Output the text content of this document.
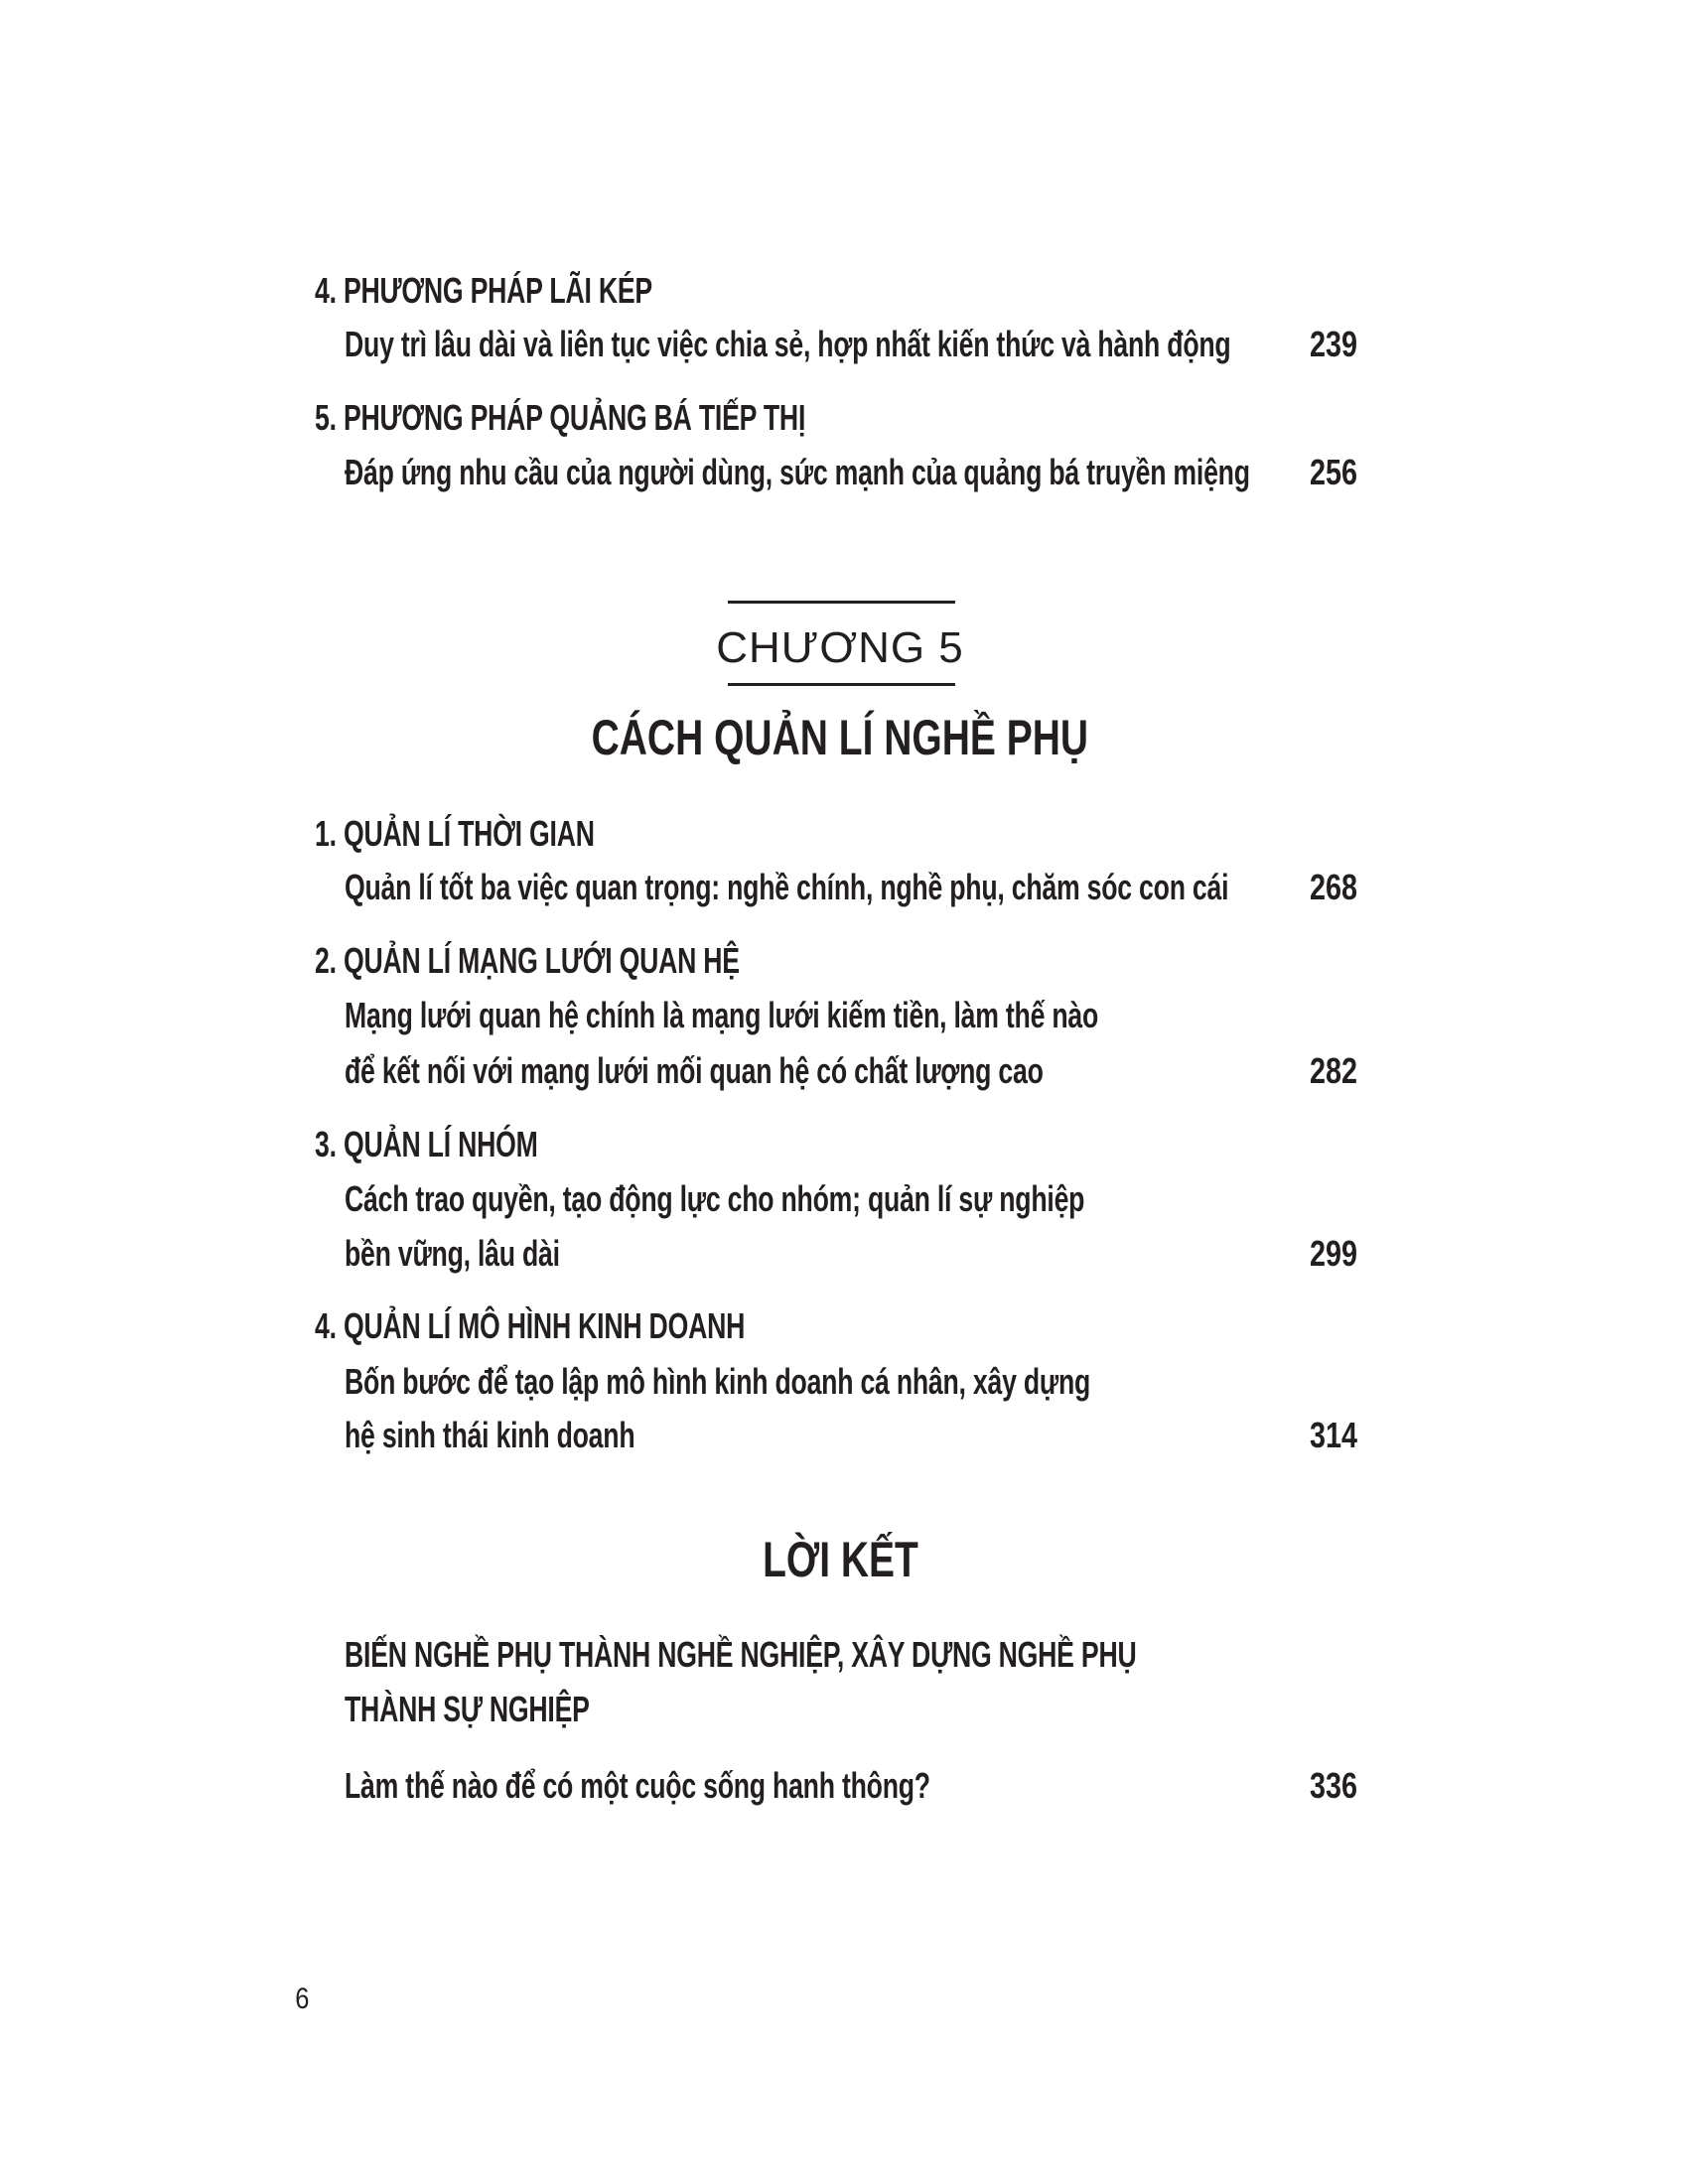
4. PHƯƠNG PHÁP LÃI KÉP
Duy trì lâu dài và liên tục việc chia sẻ, hợp nhất kiến thức và hành động 239
5. PHƯƠNG PHÁP QUẢNG BÁ TIẾP THỊ
Đáp ứng nhu cầu của người dùng, sức mạnh của quảng bá truyền miệng 256
CHƯƠNG 5
CÁCH QUẢN LÍ NGHỀ PHỤ
1. QUẢN LÍ THỜI GIAN
Quản lí tốt ba việc quan trọng: nghề chính, nghề phụ, chăm sóc con cái 268
2. QUẢN LÍ MẠNG LƯỚI QUAN HỆ
Mạng lưới quan hệ chính là mạng lưới kiếm tiền, làm thế nào
để kết nối với mạng lưới mối quan hệ có chất lượng cao	282
3. QUẢN LÍ NHÓM
Cách trao quyền, tạo động lực cho nhóm; quản lí sự nghiệp
bền vững, lâu dài	299
4. QUẢN LÍ MÔ HÌNH KINH DOANH
Bốn bước để tạo lập mô hình kinh doanh cá nhân, xây dựng
hệ sinh thái kinh doanh	314
LỜI KẾT
BIẾN NGHỀ PHỤ THÀNH NGHỀ NGHIỆP, XÂY DỰNG NGHỀ PHỤ
THÀNH SỰ NGHIỆP
Làm thế nào để có một cuộc sống hanh thông?	336
6
